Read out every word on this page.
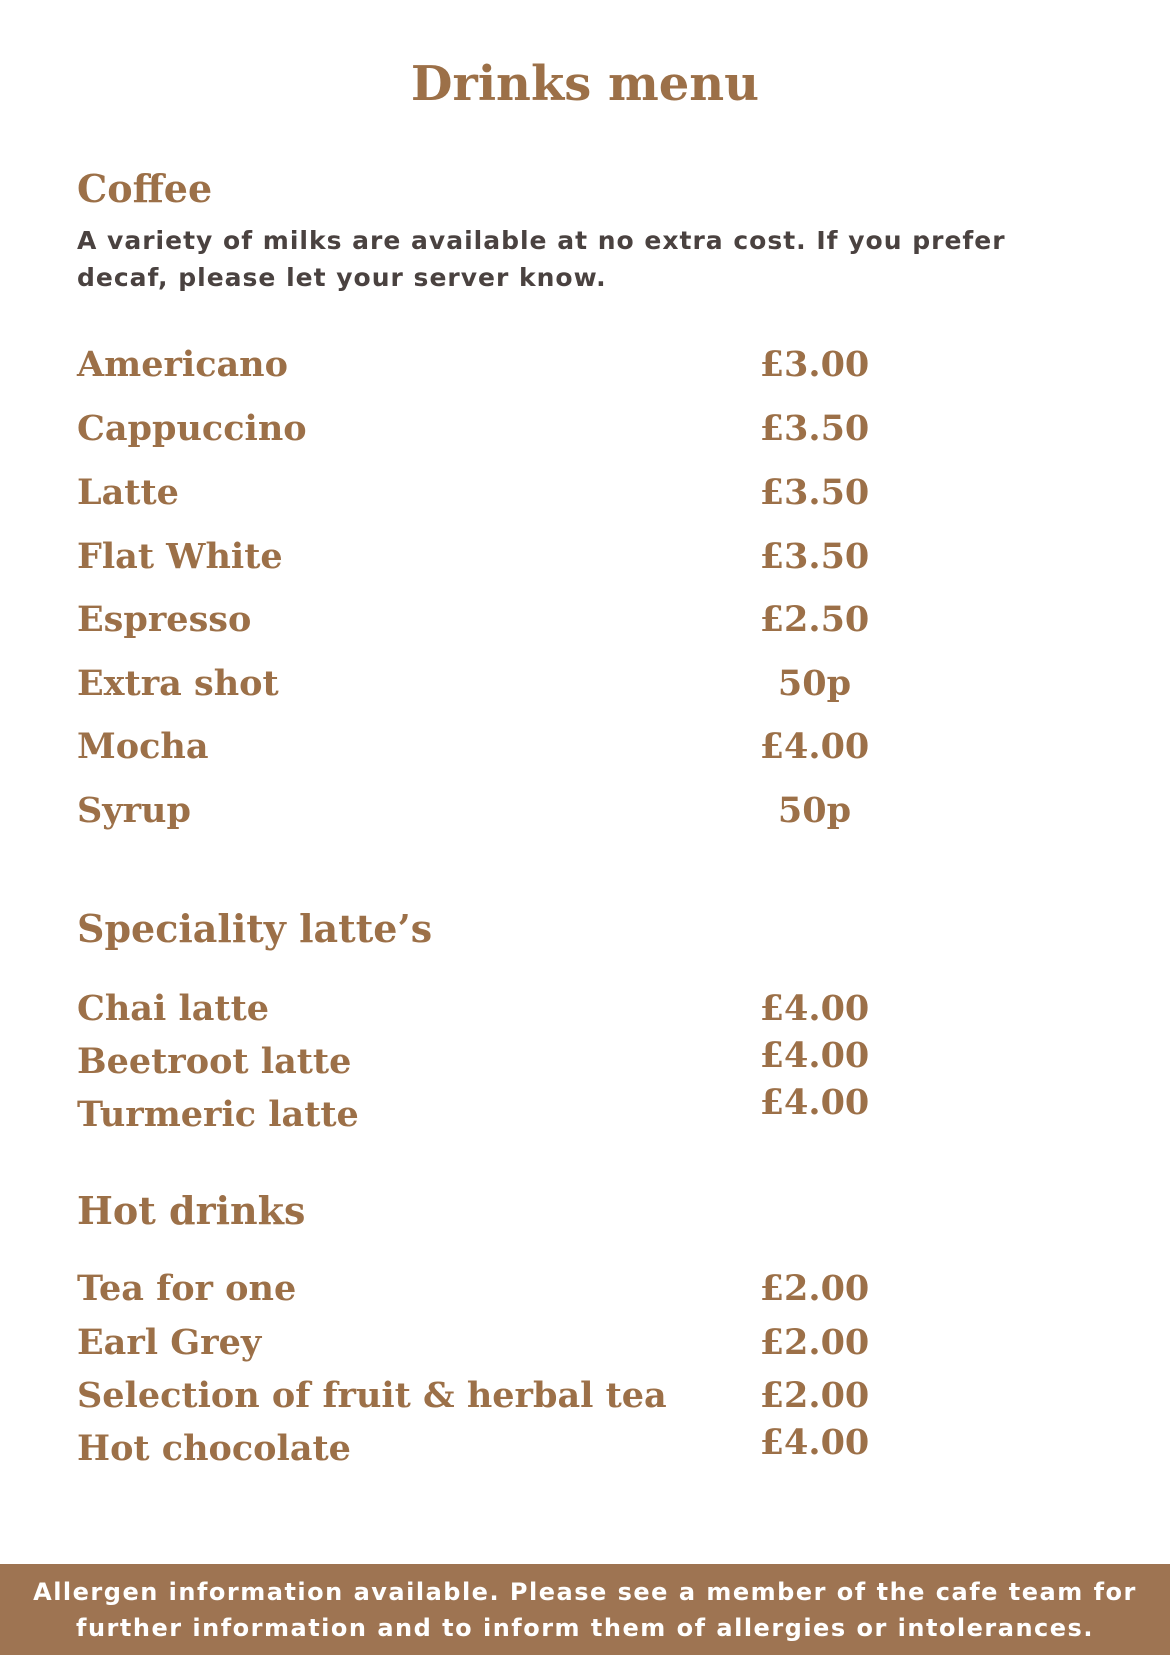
Drinks menu
Coffee
A variety of milks are available at no extra cost. If you prefer decaf, please let your server know.
Americano	£3.00
Cappuccino	£3.50
Latte	£3.50
Flat White	£3.50
Espresso	£2.50
Extra shot	50p
Mocha	£4.00
Syrup	50p
Speciality latte’s
Chai latte	£4.00
Beetroot latte	£4.00
Turmeric latte	£4.00
Hot drinks
Tea for one	£2.00
Earl Grey	£2.00
Selection of fruit & herbal tea	£2.00
Hot chocolate	£4.00
Allergen information available. Please see a member of the cafe team for
further information and to inform them of allergies or intolerances.
